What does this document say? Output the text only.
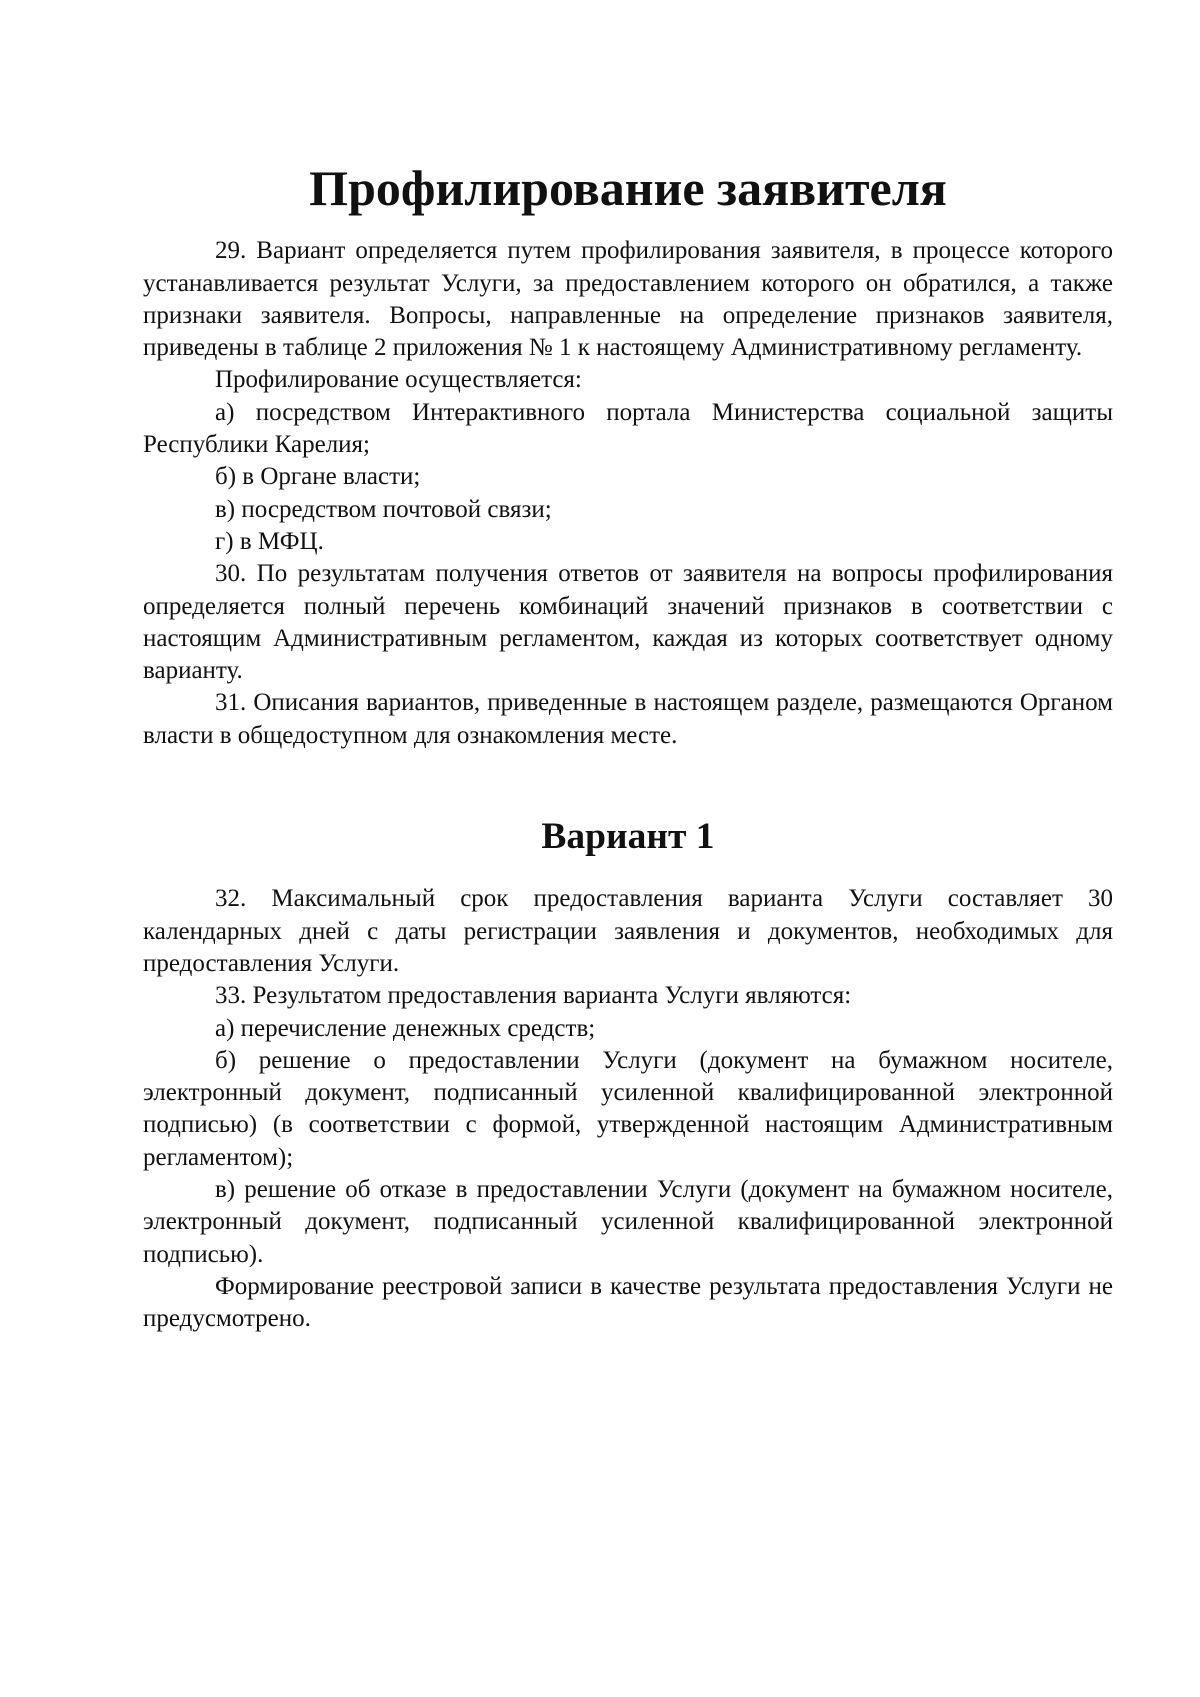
Профилирование заявителя

29. Вариант определяется путем профилирования заявителя, в процессе которого устанавливается результат Услуги, за предоставлением которого он обратился, а также признаки заявителя. Вопросы, направленные на определение признаков заявителя, приведены в таблице 2 приложения № 1 к настоящему Административному регламенту.

Профилирование осуществляется:

а) посредством Интерактивного портала Министерства социальной защиты Республики Карелия;

б) в Органе власти;

в) посредством почтовой связи;

г) в МФЦ.

30. По результатам получения ответов от заявителя на вопросы профилирования определяется полный перечень комбинаций значений признаков в соответствии с настоящим Административным регламентом, каждая из которых соответствует одному варианту.

31. Описания вариантов, приведенные в настоящем разделе, размещаются Органом власти в общедоступном для ознакомления месте.

Вариант 1

32. Максимальный срок предоставления варианта Услуги составляет 30 календарных дней с даты регистрации заявления и документов, необходимых для предоставления Услуги.

33. Результатом предоставления варианта Услуги являются:

а) перечисление денежных средств;

б) решение о предоставлении Услуги (документ на бумажном носителе, электронный документ, подписанный усиленной квалифицированной электронной подписью) (в соответствии с формой, утвержденной настоящим Административным регламентом);

в) решение об отказе в предоставлении Услуги (документ на бумажном носителе, электронный документ, подписанный усиленной квалифицированной электронной подписью).

Формирование реестровой записи в качестве результата предоставления Услуги не предусмотрено.
